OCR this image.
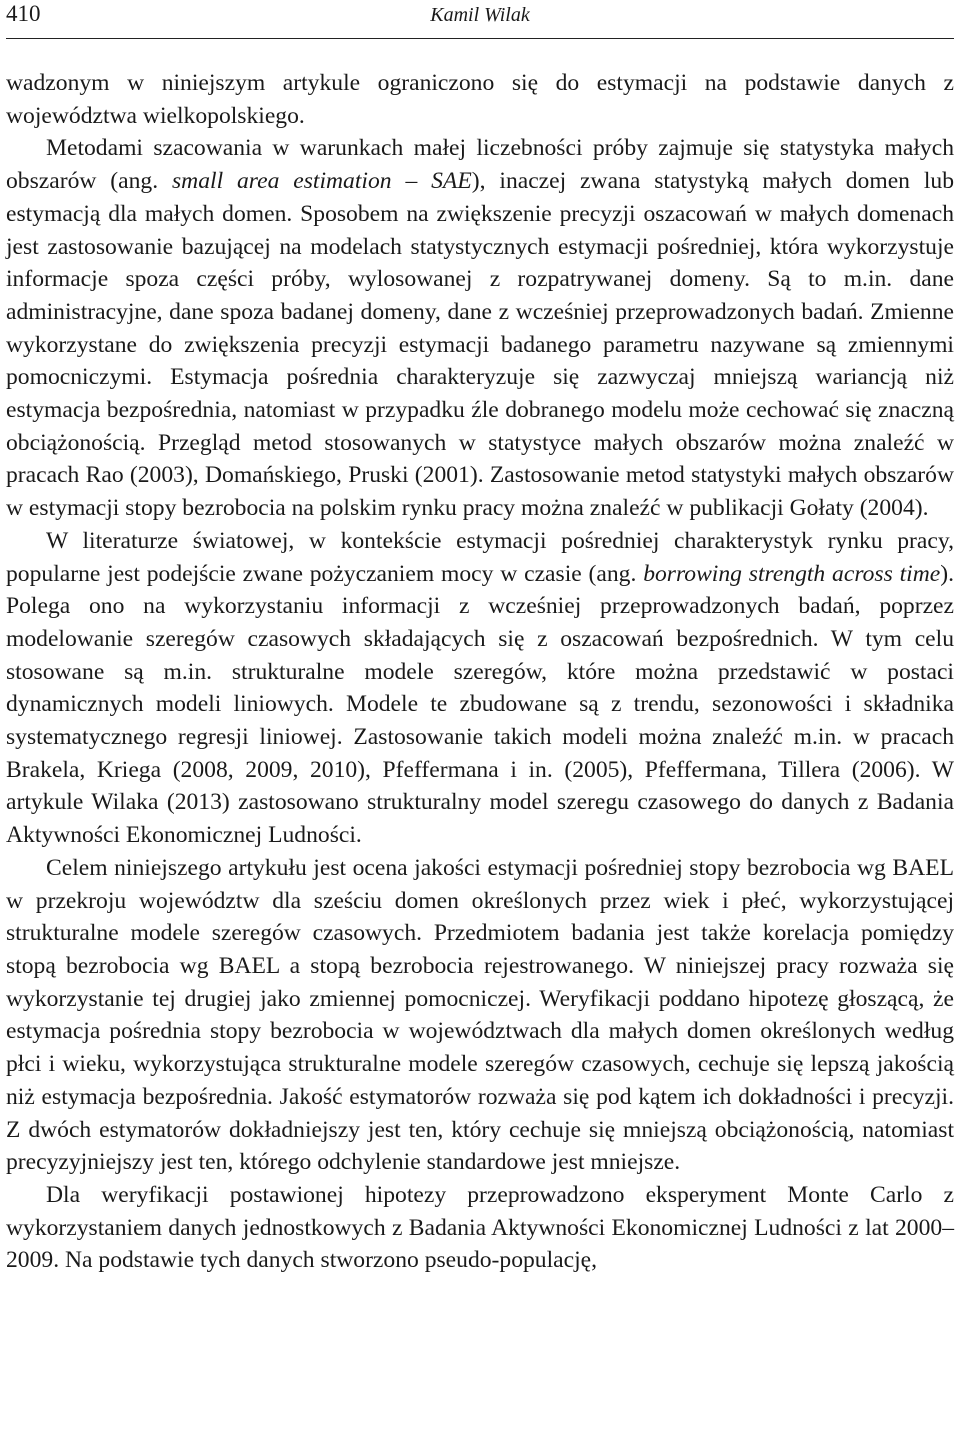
410	Kamil Wilak

wadzonym w niniejszym artykule ograniczono się do estymacji na podstawie danych z województwa wielkopolskiego.

Metodami szacowania w warunkach małej liczebności próby zajmuje się statystyka małych obszarów (ang. small area estimation – SAE), inaczej zwana statystyką małych domen lub estymacją dla małych domen. Sposobem na zwiększenie precyzji oszacowań w małych domenach jest zastosowanie bazującej na modelach statystycznych estymacji pośredniej, która wykorzystuje informacje spoza części próby, wylosowanej z rozpatrywanej domeny. Są to m.in. dane administracyjne, dane spoza badanej domeny, dane z wcześniej przeprowadzonych badań. Zmienne wykorzystane do zwiększenia precyzji estymacji badanego parametru nazywane są zmiennymi pomocniczymi. Estymacja pośrednia charakteryzuje się zazwyczaj mniejszą wariancją niż estymacja bezpośrednia, natomiast w przypadku źle dobranego modelu może cechować się znaczną obciążonością. Przegląd metod stosowanych w statystyce małych obszarów można znaleźć w pracach Rao (2003), Domańskiego, Pruski (2001). Zastosowanie metod statystyki małych obszarów w estymacji stopy bezrobocia na polskim rynku pracy można znaleźć w publikacji Gołaty (2004).

W literaturze światowej, w kontekście estymacji pośredniej charakterystyk rynku pracy, popularne jest podejście zwane pożyczaniem mocy w czasie (ang. borrowing strength across time). Polega ono na wykorzystaniu informacji z wcześniej przeprowadzonych badań, poprzez modelowanie szeregów czasowych składających się z oszacowań bezpośrednich. W tym celu stosowane są m.in. strukturalne modele szeregów, które można przedstawić w postaci dynamicznych modeli liniowych. Modele te zbudowane są z trendu, sezonowości i składnika systematycznego regresji liniowej. Zastosowanie takich modeli można znaleźć m.in. w pracach Brakela, Kriega (2008, 2009, 2010), Pfeffermana i in. (2005), Pfeffermana, Tillera (2006). W artykule Wilaka (2013) zastosowano strukturalny model szeregu czasowego do danych z Badania Aktywności Ekonomicznej Ludności.

Celem niniejszego artykułu jest ocena jakości estymacji pośredniej stopy bezrobocia wg BAEL w przekroju województw dla sześciu domen określonych przez wiek i płeć, wykorzystującej strukturalne modele szeregów czasowych. Przedmiotem badania jest także korelacja pomiędzy stopą bezrobocia wg BAEL a stopą bezrobocia rejestrowanego. W niniejszej pracy rozważa się wykorzystanie tej drugiej jako zmiennej pomocniczej. Weryfikacji poddano hipotezę głoszącą, że estymacja pośrednia stopy bezrobocia w województwach dla małych domen określonych według płci i wieku, wykorzystująca strukturalne modele szeregów czasowych, cechuje się lepszą jakością niż estymacja bezpośrednia. Jakość estymatorów rozważa się pod kątem ich dokładności i precyzji. Z dwóch estymatorów dokładniejszy jest ten, który cechuje się mniejszą obciążonością, natomiast precyzyjniejszy jest ten, którego odchylenie standardowe jest mniejsze.

Dla weryfikacji postawionej hipotezy przeprowadzono eksperyment Monte Carlo z wykorzystaniem danych jednostkowych z Badania Aktywności Ekonomicznej Ludności z lat 2000–2009. Na podstawie tych danych stworzono pseudo-populację,
